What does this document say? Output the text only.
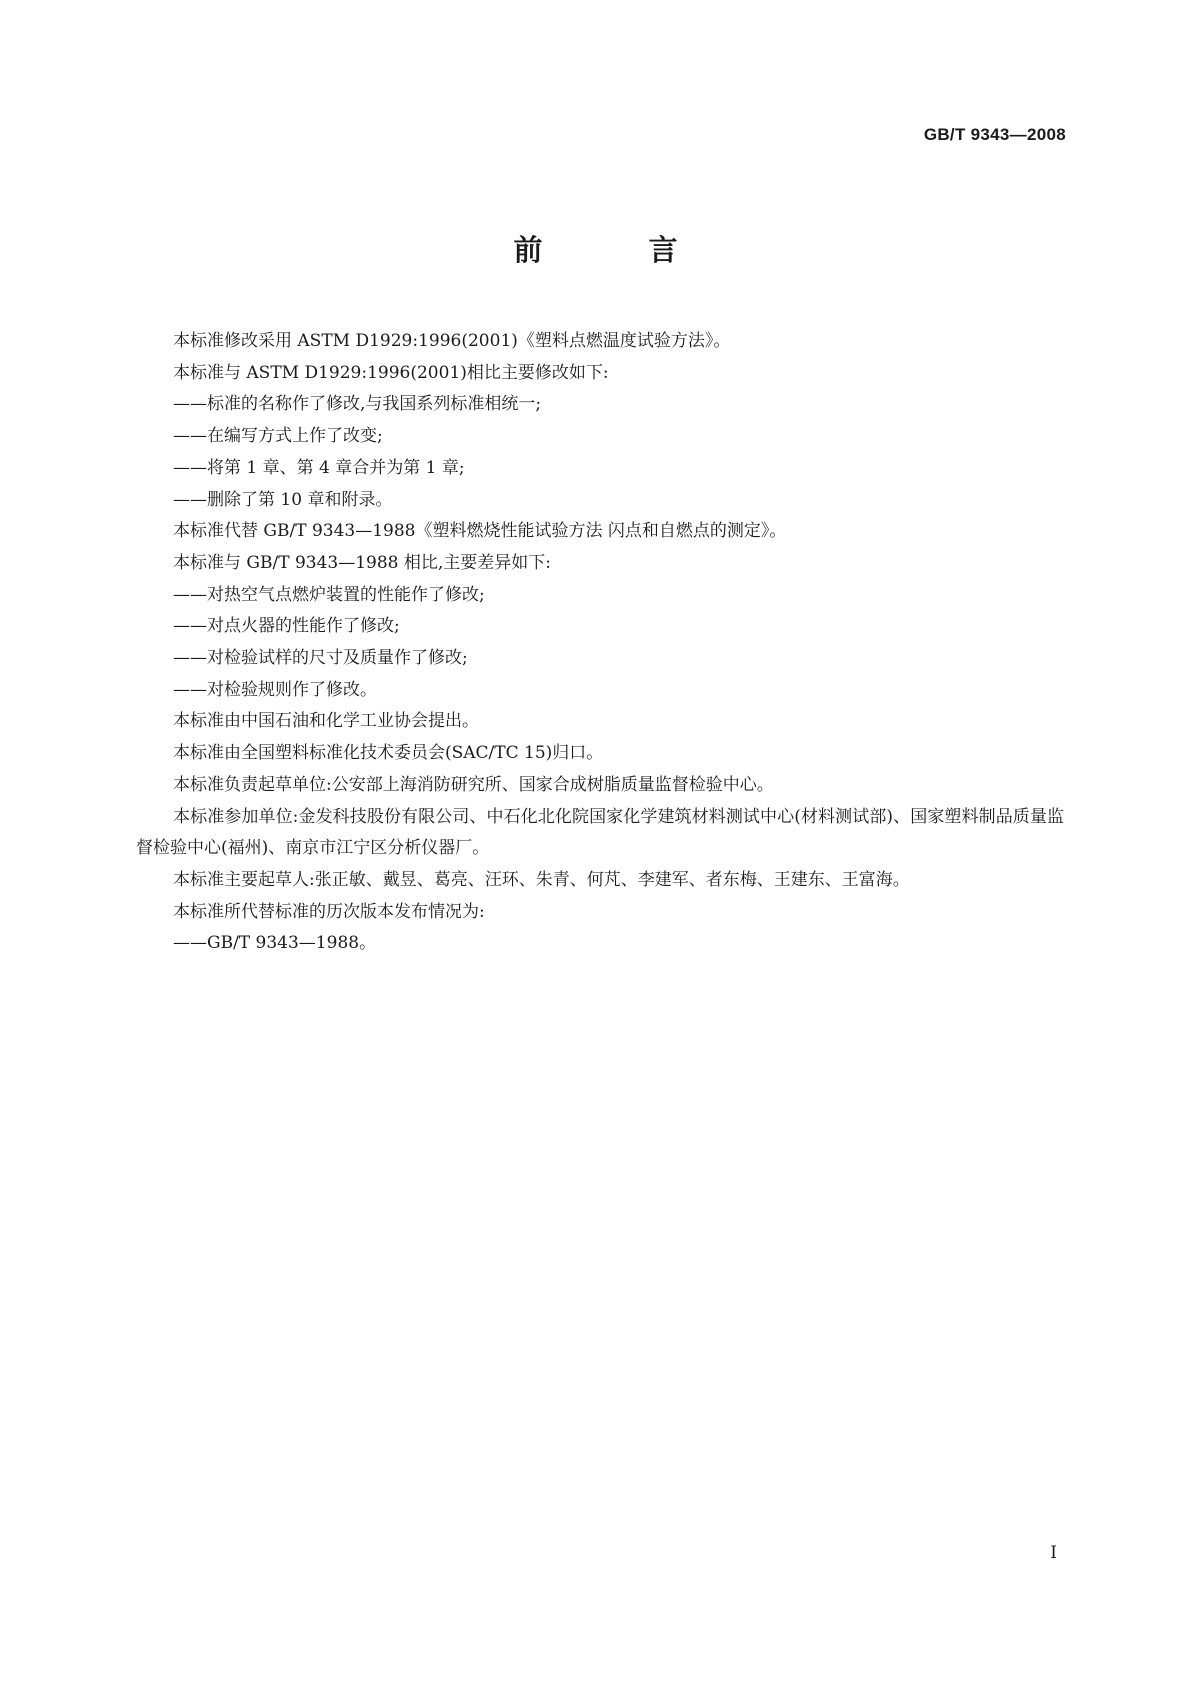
GB/T 9343—2008
前 言

本标准修改采用 ASTM D1929:1996(2001)《塑料点燃温度试验方法》。

本标准与 ASTM D1929:1996(2001)相比主要修改如下:

——标准的名称作了修改,与我国系列标准相统一;

——在编写方式上作了改变;

——将第 1 章、第 4 章合并为第 1 章;

——删除了第 10 章和附录。

本标准代替 GB/T 9343—1988《塑料燃烧性能试验方法 闪点和自燃点的测定》。

本标准与 GB/T 9343—1988 相比,主要差异如下:

——对热空气点燃炉装置的性能作了修改;

——对点火器的性能作了修改;

——对检验试样的尺寸及质量作了修改;

——对检验规则作了修改。

本标准由中国石油和化学工业协会提出。

本标准由全国塑料标准化技术委员会(SAC/TC 15)归口。

本标准负责起草单位:公安部上海消防研究所、国家合成树脂质量监督检验中心。

本标准参加单位:金发科技股份有限公司、中石化北化院国家化学建筑材料测试中心(材料测试部)、国家塑料制品质量监督检验中心(福州)、南京市江宁区分析仪器厂。

本标准主要起草人:张正敏、戴昱、葛亮、汪环、朱青、何芃、李建军、者东梅、王建东、王富海。

本标准所代替标准的历次版本发布情况为:

——GB/T 9343—1988。

I
